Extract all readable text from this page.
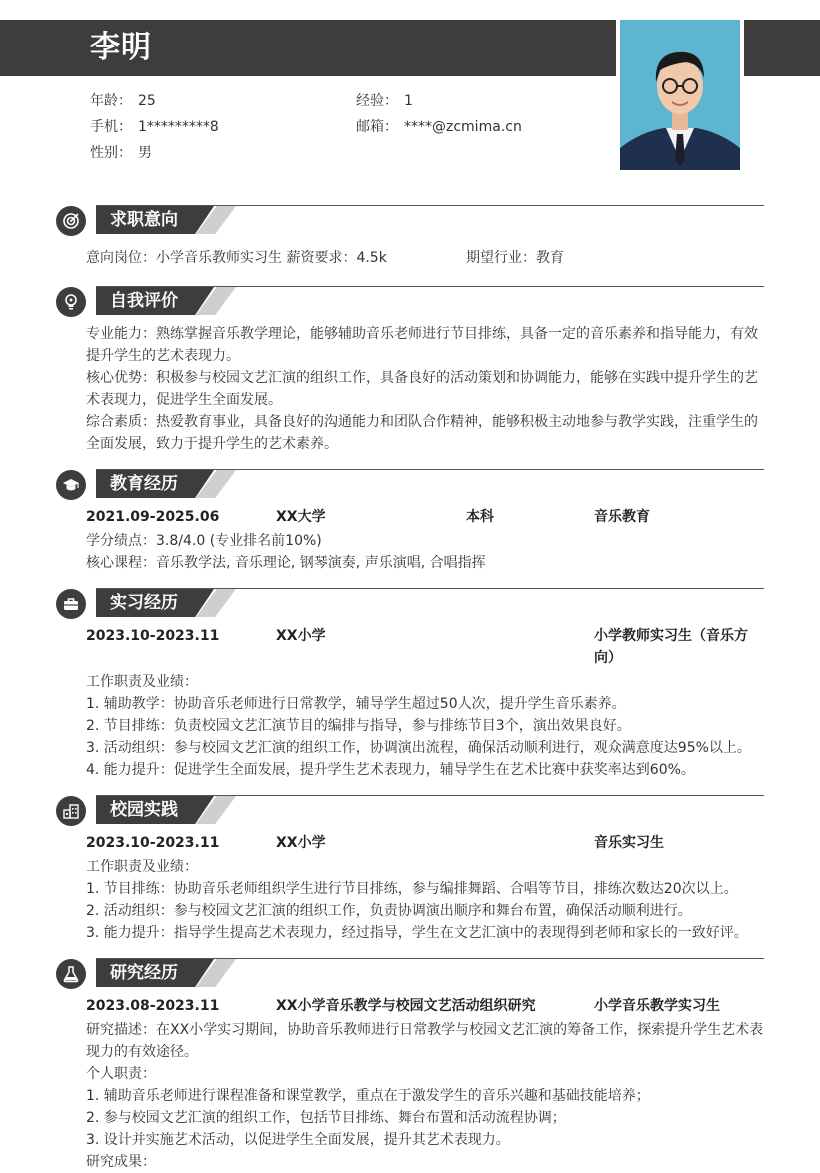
李明
年龄： 25	经验： 1
手机： 1*********8	邮箱： ****@zcmima.cn
性别： 男
求职意向
意向岗位：小学音乐教师实习生 薪资要求：4.5k	期望行业：教育
自我评价
专业能力：熟练掌握音乐教学理论，能够辅助音乐老师进行节目排练，具备一定的音乐素养和指导能力，有效
提升学生的艺术表现力。
核心优势：积极参与校园文艺汇演的组织工作，具备良好的活动策划和协调能力，能够在实践中提升学生的艺
术表现力，促进学生全面发展。
综合素质：热爱教育事业，具备良好的沟通能力和团队合作精神，能够积极主动地参与教学实践，注重学生的
全面发展，致力于提升学生的艺术素养。
教育经历
2021.09-2025.06	XX大学	本科	音乐教育
学分绩点：3.8/4.0 (专业排名前10%)
核心课程：音乐教学法, 音乐理论, 钢琴演奏, 声乐演唱, 合唱指挥
实习经历
2023.10-2023.11	XX小学	小学教师实习生（音乐方向）
工作职责及业绩：
1. 辅助教学：协助音乐老师进行日常教学，辅导学生超过50人次，提升学生音乐素养。
2. 节目排练：负责校园文艺汇演节目的编排与指导，参与排练节目3个，演出效果良好。
3. 活动组织：参与校园文艺汇演的组织工作，协调演出流程，确保活动顺利进行，观众满意度达95%以上。
4. 能力提升：促进学生全面发展，提升学生艺术表现力，辅导学生在艺术比赛中获奖率达到60%。
校园实践
2023.10-2023.11	XX小学	音乐实习生
工作职责及业绩：
1. 节目排练：协助音乐老师组织学生进行节目排练，参与编排舞蹈、合唱等节目，排练次数达20次以上。
2. 活动组织：参与校园文艺汇演的组织工作，负责协调演出顺序和舞台布置，确保活动顺利进行。
3. 能力提升：指导学生提高艺术表现力，经过指导，学生在文艺汇演中的表现得到老师和家长的一致好评。
研究经历
2023.08-2023.11	XX小学音乐教学与校园文艺活动组织研究	小学音乐教学实习生
研究描述：在XX小学实习期间，协助音乐教师进行日常教学与校园文艺汇演的筹备工作，探索提升学生艺术表
现力的有效途径。
个人职责：
1. 辅助音乐老师进行课程准备和课堂教学，重点在于激发学生的音乐兴趣和基础技能培养；
2. 参与校园文艺汇演的组织工作，包括节目排练、舞台布置和活动流程协调；
3. 设计并实施艺术活动，以促进学生全面发展，提升其艺术表现力。
研究成果：
